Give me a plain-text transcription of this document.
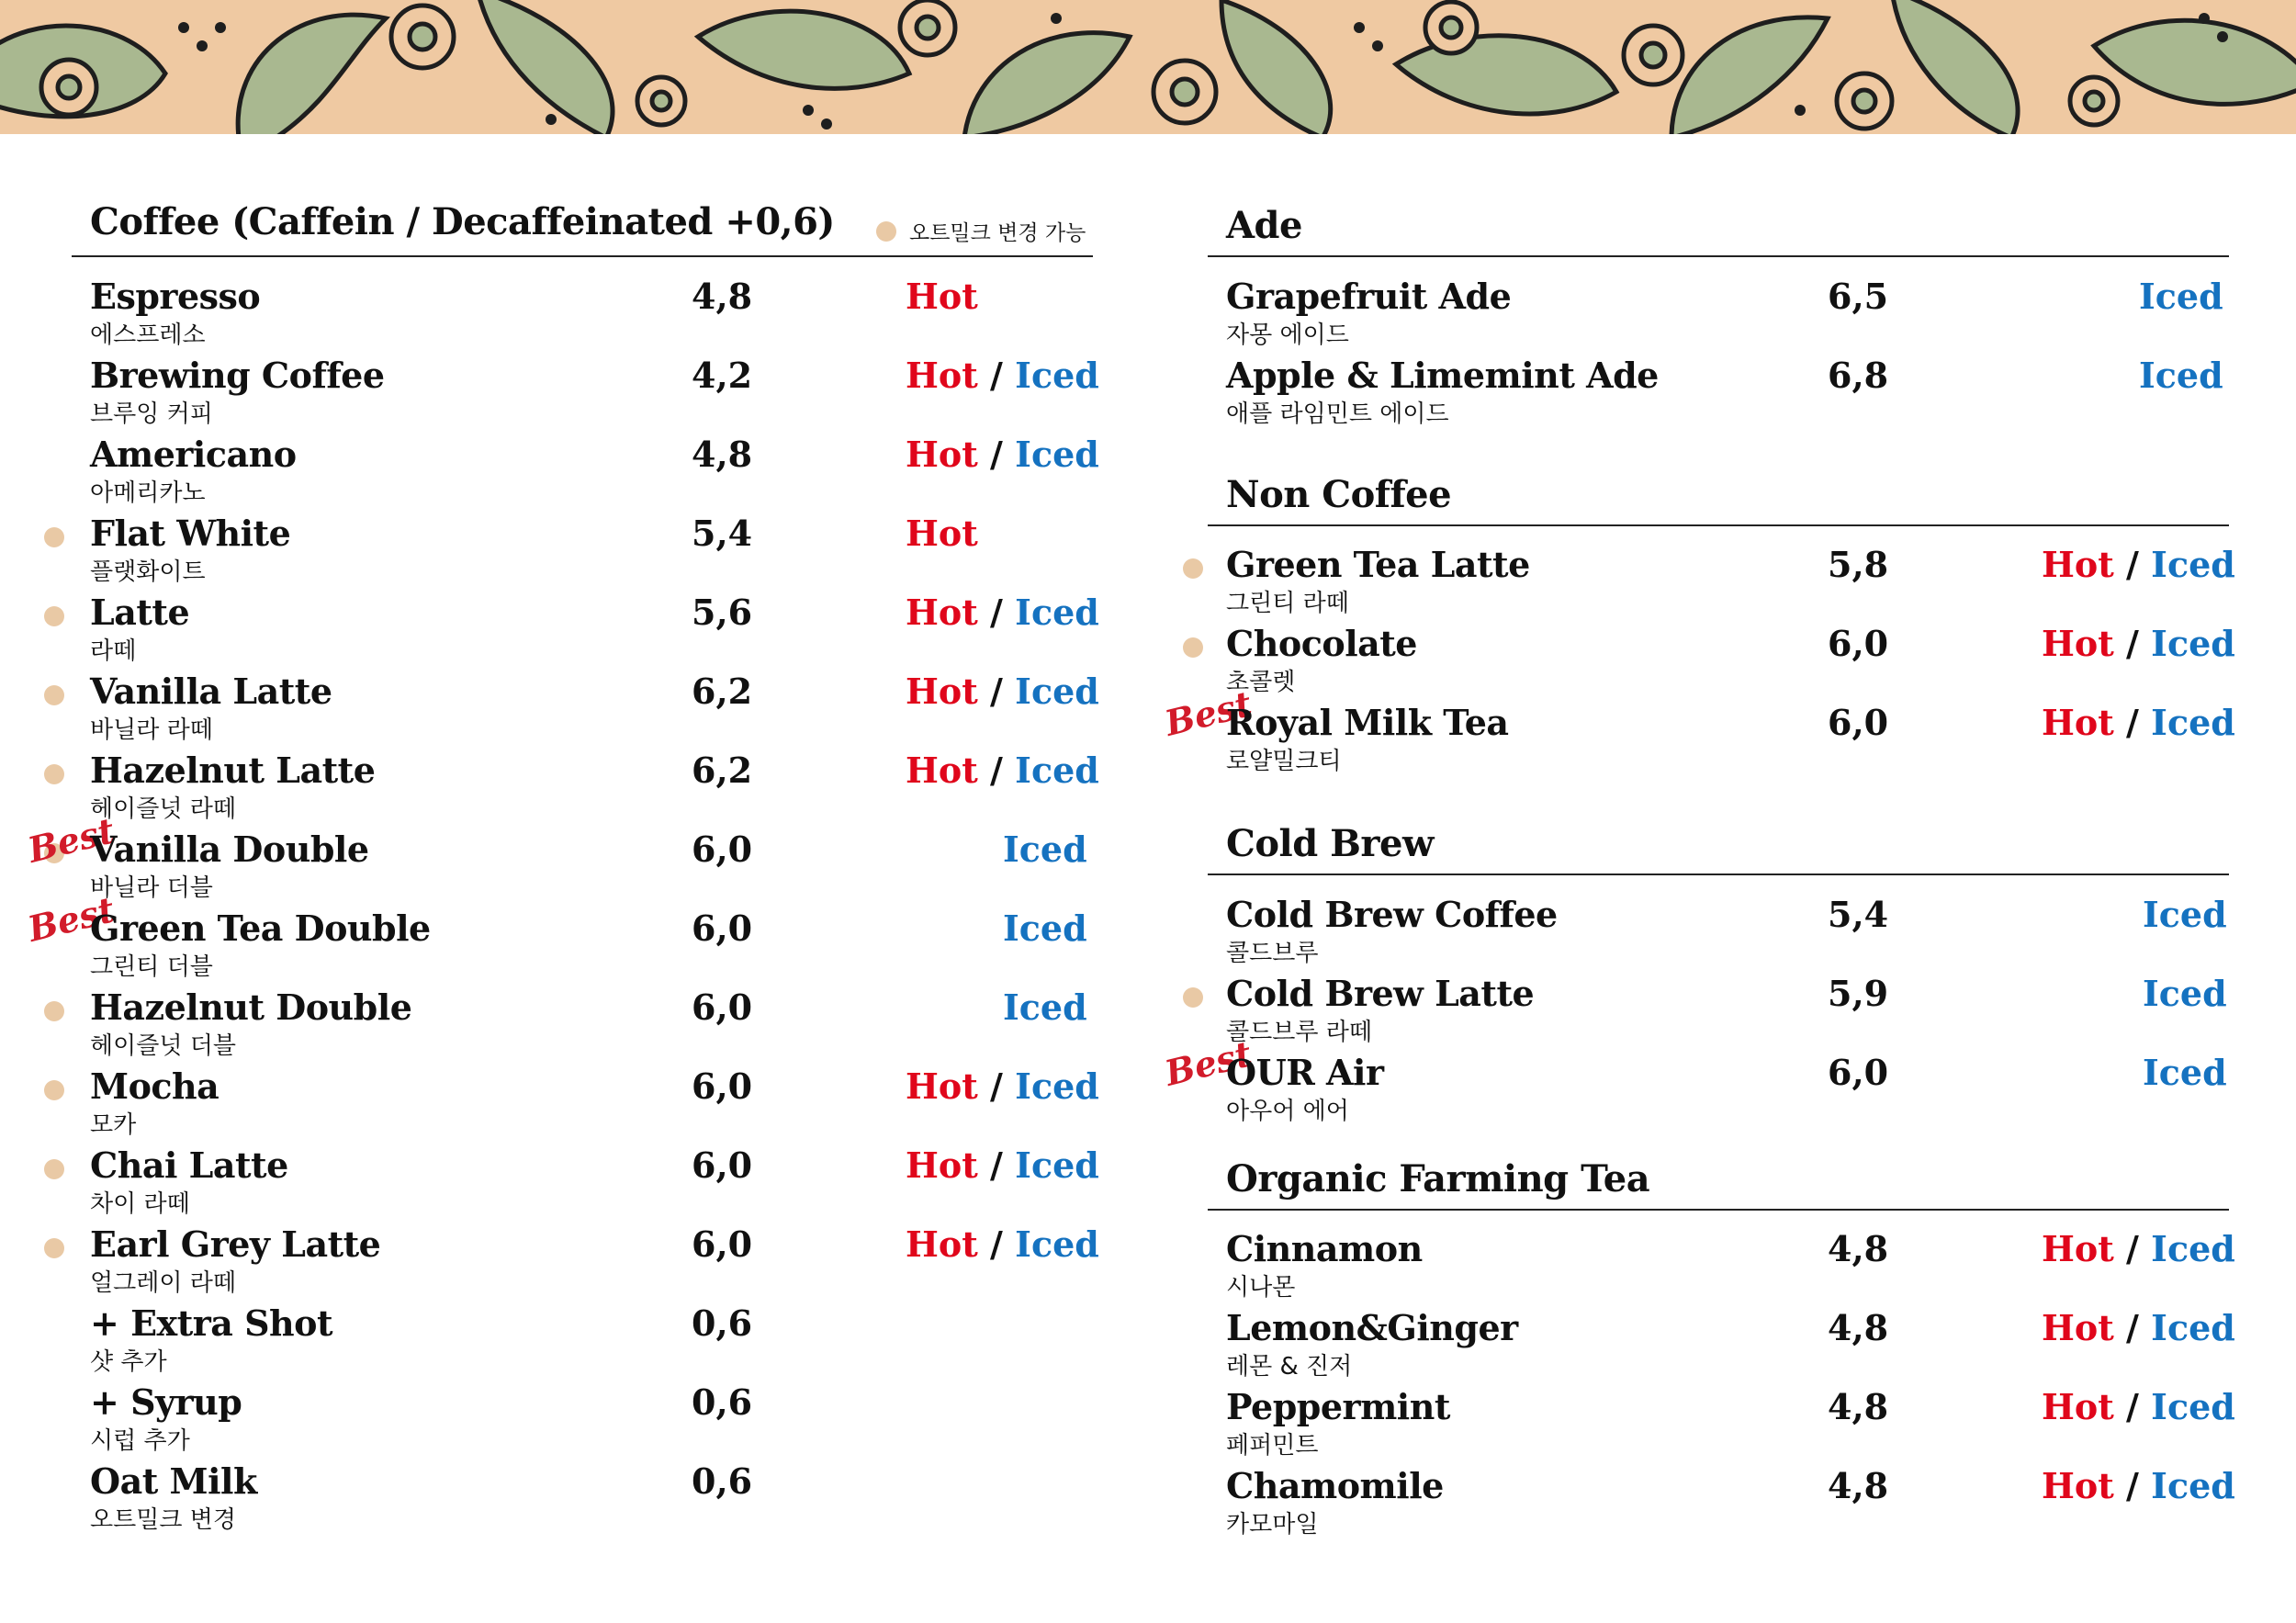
Coffee (Caffein / Decaffeinated +0,6)	오트밀크 변경 가능
Espresso
에스프레소
4,8	Hot
Brewing Coffee
브루잉 커피
4,2	Hot / Iced
Americano
아메리카노
4,8	Hot / Iced
Flat White
플랫화이트
5,4	Hot
Latte
라떼
5,6	Hot / Iced
Vanilla Latte
바닐라 라떼
6,2	Hot / Iced
Hazelnut Latte
헤이즐넛 라떼
6,2	Hot / Iced
Best
Vanilla Double
바닐라 더블
6,0	Iced
Best
Green Tea Double
그린티 더블
6,0	Iced
Hazelnut Double
헤이즐넛 더블
6,0	Iced
Mocha
모카
6,0	Hot / Iced
Chai Latte
차이 라떼
6,0	Hot / Iced
Earl Grey Latte
얼그레이 라떼
6,0	Hot / Iced
+ Extra Shot
샷 추가
0,6
+ Syrup
시럽 추가
0,6
Oat Milk
오트밀크 변경
0,6
Ade
Grapefruit Ade
자몽 에이드
6,5	Iced
Apple & Limemint Ade
애플 라임민트 에이드
6,8	Iced
Non Coffee
Green Tea Latte
그린티 라떼
5,8	Hot / Iced
Chocolate
초콜렛
6,0	Hot / Iced
Best
Royal Milk Tea
로얄밀크티
6,0	Hot / Iced
Cold Brew
Cold Brew Coffee
콜드브루
5,4	Iced
Cold Brew Latte
콜드브루 라떼
5,9	Iced
Best
OUR Air
아우어 에어
6,0	Iced
Organic Farming Tea
Cinnamon
시나몬
4,8	Hot / Iced
Lemon&Ginger
레몬 & 진저
4,8	Hot / Iced
Peppermint
페퍼민트
4,8	Hot / Iced
Chamomile
카모마일
4,8	Hot / Iced
